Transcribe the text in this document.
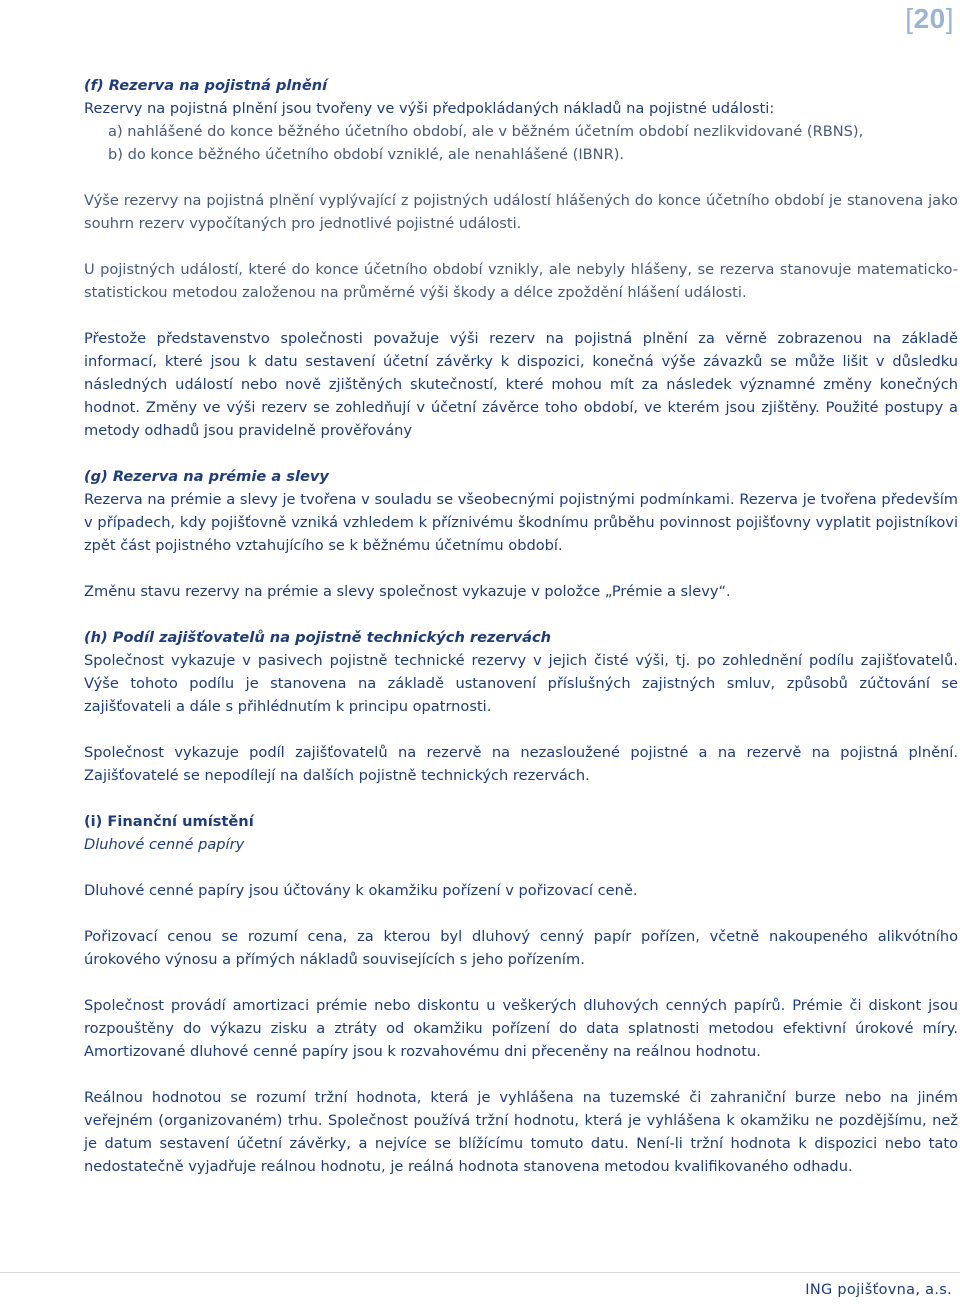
[20]

(f) Rezerva na pojistná plnění

Rezervy na pojistná plnění jsou tvořeny ve výši předpokládaných nákladů na pojistné události:

a) nahlášené do konce běžného účetního období, ale v běžném účetním období nezlikvidované (RBNS),

b) do konce běžného účetního období vzniklé, ale nenahlášené (IBNR).

Výše rezervy na pojistná plnění vyplývající z pojistných událostí hlášených do konce účetního období je stanovena jako souhrn rezerv vypočítaných pro jednotlivé pojistné události.

U pojistných událostí, které do konce účetního období vznikly, ale nebyly hlášeny, se rezerva stanovuje matematicko-statistickou metodou založenou na průměrné výši škody a délce zpoždění hlášení události.

Přestože představenstvo společnosti považuje výši rezerv na pojistná plnění za věrně zobrazenou na základě informací, které jsou k datu sestavení účetní závěrky k dispozici, konečná výše závazků se může lišit v důsledku následných událostí nebo nově zjištěných skutečností, které mohou mít za následek významné změny konečných hodnot. Změny ve výši rezerv se zohledňují v účetní závěrce toho období, ve kterém jsou zjištěny. Použité postupy a metody odhadů jsou pravidelně prověřovány

(g) Rezerva na prémie a slevy

Rezerva na prémie a slevy je tvořena v souladu se všeobecnými pojistnými podmínkami. Rezerva je tvořena především v případech, kdy pojišťovně vzniká vzhledem k příznivému škodnímu průběhu povinnost pojišťovny vyplatit pojistníkovi zpět část pojistného vztahujícího se k běžnému účetnímu období.

Změnu stavu rezervy na prémie a slevy společnost vykazuje v položce „Prémie a slevy“.

(h) Podíl zajišťovatelů na pojistně technických rezervách

Společnost vykazuje v pasivech pojistně technické rezervy v jejich čisté výši, tj. po zohlednění podílu zajišťovatelů. Výše tohoto podílu je stanovena na základě ustanovení příslušných zajistných smluv, způsobů zúčtování se zajišťovateli a dále s přihlédnutím k principu opatrnosti.

Společnost vykazuje podíl zajišťovatelů na rezervě na nezasloužené pojistné a na rezervě na pojistná plnění. Zajišťovatelé se nepodílejí na dalších pojistně technických rezervách.

(i) Finanční umístění

Dluhové cenné papíry

Dluhové cenné papíry jsou účtovány k okamžiku pořízení v pořizovací ceně.

Pořizovací cenou se rozumí cena, za kterou byl dluhový cenný papír pořízen, včetně nakoupeného alikvótního úrokového výnosu a přímých nákladů souvisejících s jeho pořízením.

Společnost provádí amortizaci prémie nebo diskontu u veškerých dluhových cenných papírů. Prémie či diskont jsou rozpouštěny do výkazu zisku a ztráty od okamžiku pořízení do data splatnosti metodou efektivní úrokové míry. Amortizované dluhové cenné papíry jsou k rozvahovému dni přeceněny na reálnou hodnotu.

Reálnou hodnotou se rozumí tržní hodnota, která je vyhlášena na tuzemské či zahraniční burze nebo na jiném veřejném (organizovaném) trhu. Společnost používá tržní hodnotu, která je vyhlášena k okamžiku ne pozdějšímu, než je datum sestavení účetní závěrky, a nejvíce se blížícímu tomuto datu. Není-li tržní hodnota k dispozici nebo tato nedostatečně vyjadřuje reálnou hodnotu, je reálná hodnota stanovena metodou kvalifikovaného odhadu.

ING pojišťovna, a.s.
